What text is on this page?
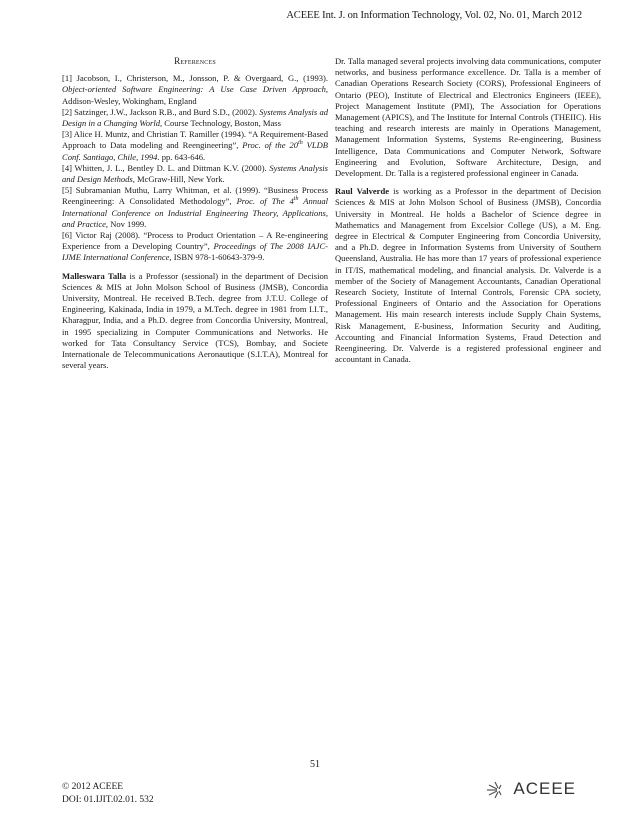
ACEEE Int. J. on Information Technology, Vol. 02, No. 01, March 2012
References

[1] Jacobson, I., Christerson, M., Jonsson, P. & Overgaard, G., (1993). Object-oriented Software Engineering: A Use Case Driven Approach, Addison-Wesley, Wokingham, England

[2] Satzinger, J.W., Jackson R.B., and Burd S.D., (2002). Systems Analysis ad Design in a Changing World, Course Technology, Boston, Mass

[3] Alice H. Muntz, and Christian T. Ramiller (1994). “A Requirement-Based Approach to Data modeling and Reengineering”, Proc. of the 20th VLDB Conf. Santiago, Chile, 1994. pp. 643-646.

[4] Whitten, J. L., Bentley D. L. and Dittman K.V. (2000). Systems Analysis and Design Methods, McGraw-Hill, New York.

[5] Subramanian Muthu, Larry Whitman, et al. (1999). “Business Process Reengineering: A Consolidated Methodology”, Proc. of The 4th Annual International Conference on Industrial Engineering Theory, Applications, and Practice, Nov 1999.

[6] Victor Raj (2008). “Process to Product Orientation – A Re-engineering Experience from a Developing Country”, Proceedings of The 2008 IAJC-IJME International Conference, ISBN 978-1-60643-379-9.

Malleswara Talla is a Professor (sessional) in the department of Decision Sciences & MIS at John Molson School of Business (JMSB), Concordia University, Montreal. He received B.Tech. degree from J.T.U. College of Engineering, Kakinada, India in 1979, a M.Tech. degree in 1981 from I.I.T., Kharagpur, India, and a Ph.D. degree from Concordia University, Montreal, in 1995 specializing in Computer Communications and Networks. He worked for Tata Consultancy Service (TCS), Bombay, and Societe Internationale de Telecommunications Aeronautique (S.I.T.A), Montreal for several years.

Dr. Talla managed several projects involving data communications, computer networks, and business performance excellence. Dr. Talla is a member of Canadian Operations Research Society (CORS), Professional Engineers of Ontario (PEO), Institute of Electrical and Electronics Engineers (IEEE), Project Management Institute (PMI), The Association for Operations Management (APICS), and The Institute for Internal Controls (THEIIC). His teaching and research interests are mainly in Operations Management, Management Information Systems, Systems Re-engineering, Business Intelligence, Data Communications and Computer Network, Software Engineering and Evolution, Software Architecture, Design, and Development. Dr. Talla is a registered professional engineer in Canada.

Raul Valverde is working as a Professor in the department of Decision Sciences & MIS at John Molson School of Business (JMSB), Concordia University in Montreal. He holds a Bachelor of Science degree in Mathematics and Management from Excelsior College (US), a M. Eng. degree in Electrical & Computer Engineering from Concordia University, and a Ph.D. degree in Information Systems from University of Southern Queensland, Australia. He has more than 17 years of professional experience in IT/IS, mathematical modeling, and financial analysis. Dr. Valverde is a member of the Society of Management Accountants, Canadian Operational Research Society, Institute of Internal Controls, Forensic CPA society, Professional Engineers of Ontario and the Association for Operations Management. His main research interests include Supply Chain Systems, Risk Management, E-business, Information Security and Auditing, Accounting and Financial Information Systems, Fraud Detection and Reengineering. Dr. Valverde is a registered professional engineer and accountant in Canada.

51
© 2012 ACEEE
DOI: 01.IJIT.02.01. 532
ACEEE
